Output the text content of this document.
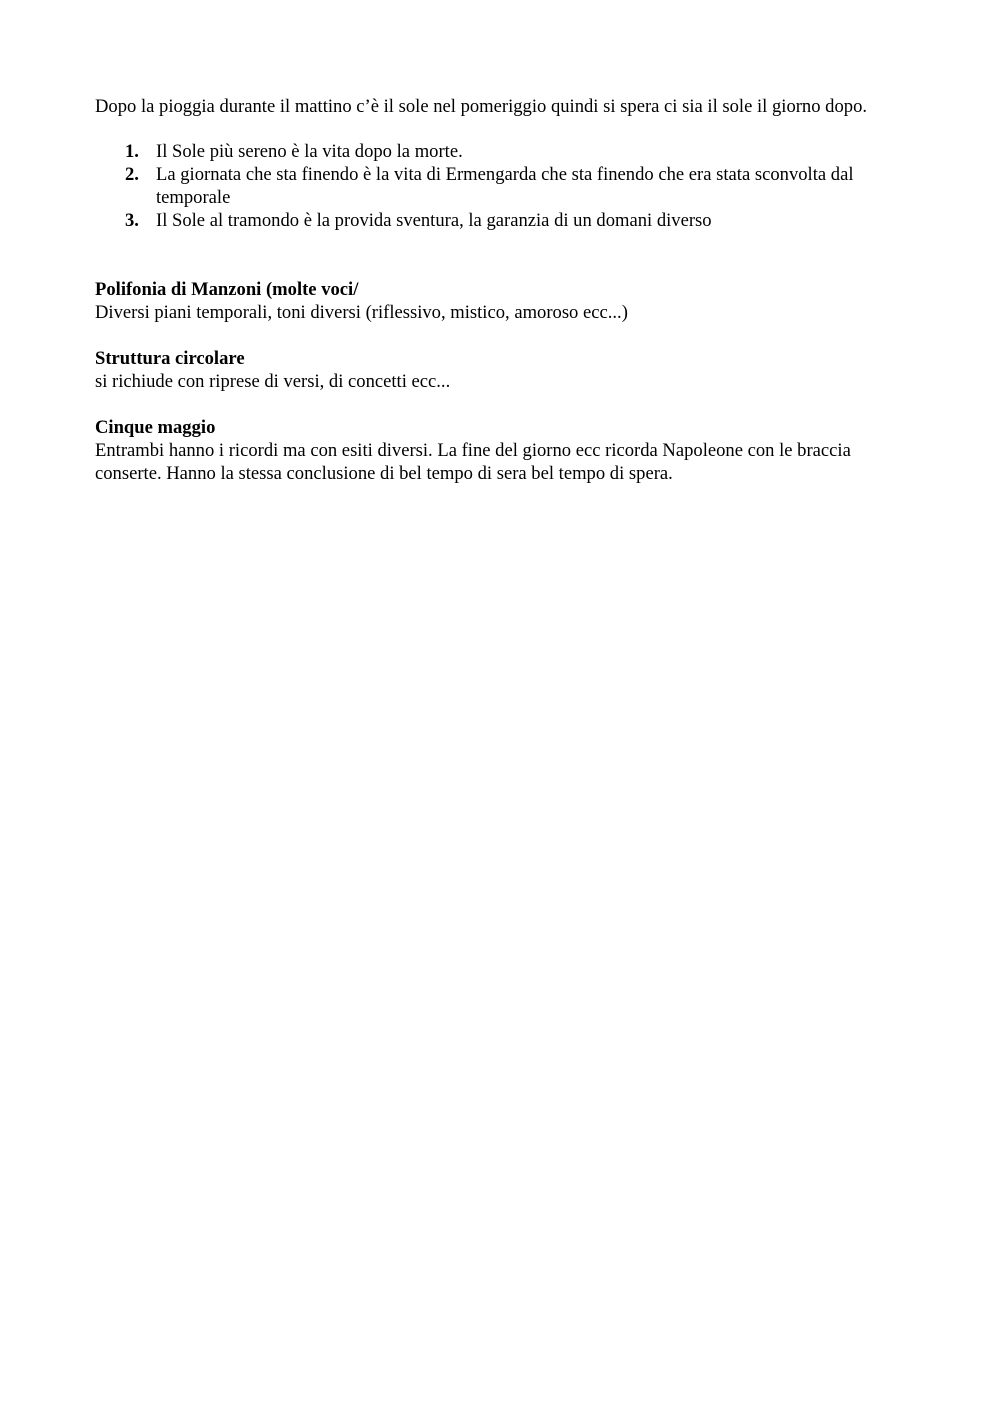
Dopo la pioggia durante il mattino c’è il sole nel pomeriggio quindi si spera ci sia il sole il giorno dopo.

1. Il Sole più sereno è la vita dopo la morte.
2. La giornata che sta finendo è la vita di Ermengarda che sta finendo che era stata sconvolta dal temporale
3. Il Sole al tramondo è la provida sventura, la garanzia di un domani diverso
Polifonia di Manzoni (molte voci/

Diversi piani temporali, toni diversi (riflessivo, mistico, amoroso ecc...)

Struttura circolare

si richiude con riprese di versi, di concetti ecc...

Cinque maggio

Entrambi hanno i ricordi ma con esiti diversi. La fine del giorno ecc ricorda Napoleone con le braccia conserte. Hanno la stessa conclusione di bel tempo di sera bel tempo di spera.
